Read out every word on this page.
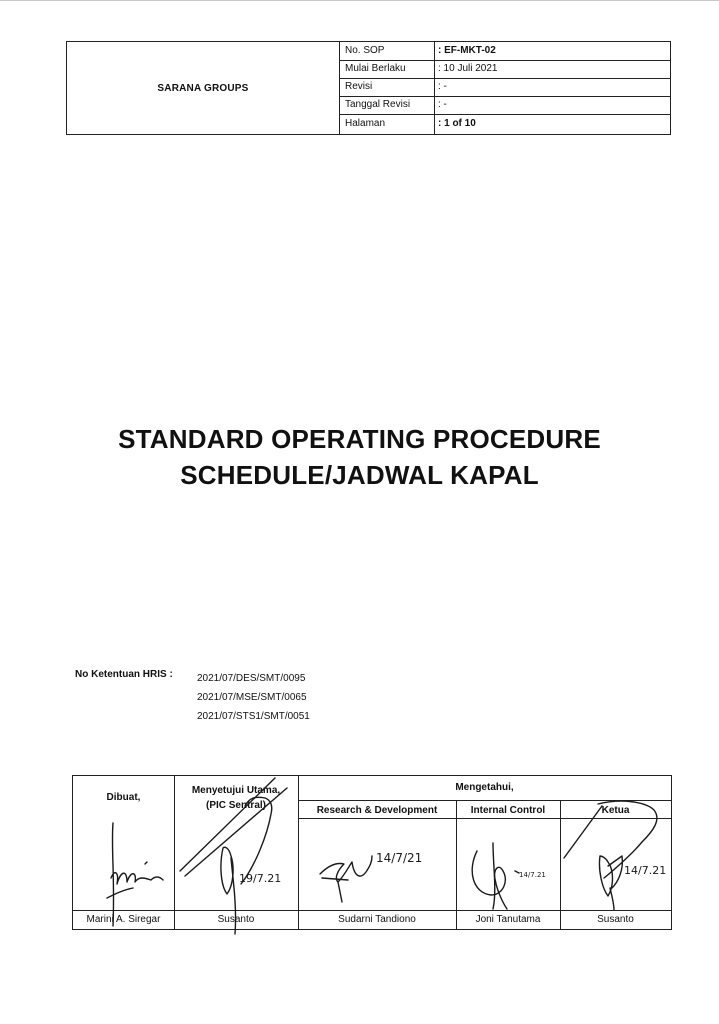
SARANA GROUPS
No. SOP	: EF-MKT-02
Mulai Berlaku	: 10 Juli 2021
Revisi	: -
Tanggal Revisi	: -
Halaman	: 1 of 10
STANDARD OPERATING PROCEDURE
SCHEDULE/JADWAL KAPAL
No Ketentuan HRIS : 2021/07/DES/SMT/0095
2021/07/MSE/SMT/0065
2021/07/STS1/SMT/0051
Dibuat,
Menyetujui Utama,
(PIC Sentral)
Mengetahui,
Research & Development	Internal Control	Ketua
Marini A. Siregar	Susanto	Sudarni Tandiono	Joni Tanutama	Susanto
19/7.21
14/7/21
14/7.21	14/7.21
